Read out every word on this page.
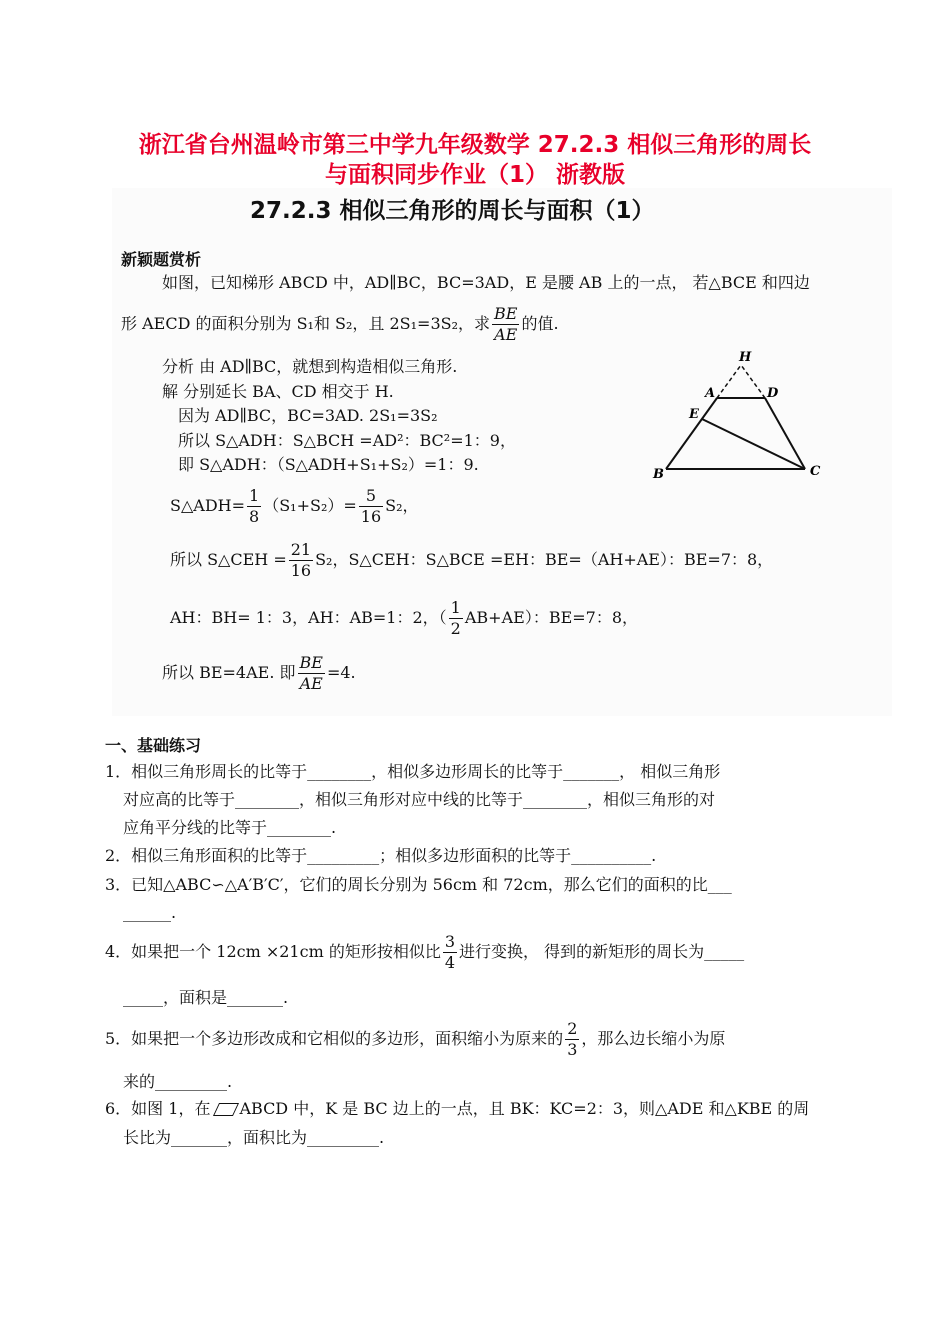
浙江省台州温岭市第三中学九年级数学 27.2.3 相似三角形的周长
与面积同步作业（1） 浙教版
27.2.3 相似三角形的周长与面积（1）
新颖题赏析
如图，已知梯形 ABCD 中，AD∥BC，BC=3AD，E 是腰 AB 上的一点， 若△BCE 和四边
形 AECD 的面积分别为 S₁和 S₂，且 2S₁=3S₂，求 $\frac{BE}{AE}$ 的值.
分析 由 AD∥BC，就想到构造相似三角形.
解 分别延长 BA、CD 相交于 H.
因为 AD∥BC，BC=3AD. 2S₁=3S₂
所以 S△ADH：S△BCH =AD²：BC²=1：9，
即 S△ADH：（S△ADH+S₁+S₂）=1：9.
S△ADH= $\frac{1}{8} (S_1+S_2)= \frac{5}{16} S_2$，
所以 S△CEH = $\frac{21}{16} S_2$，S△CEH：S△BCE =EH：BE=（AH+AE）：BE=7：8，
AH：BH= 1：3，AH：AB=1：2，（ $\frac{1}{2} AB+AE$）：BE=7：8，
所以 BE=4AE. 即 $\frac{BE}{AE} =4$.
H
A	D
E
B	C
一、基础练习
1．相似三角形周长的比等于________，相似多边形周长的比等于_______， 相似三角形
对应高的比等于________，相似三角形对应中线的比等于________，相似三角形的对
应角平分线的比等于________.
2．相似三角形面积的比等于_________；相似多边形面积的比等于__________.
3．已知△ABC∽△A′B′C′，它们的周长分别为 56cm 和 72cm，那么它们的面积的比___
______.
4．如果把一个 12cm ×21cm 的矩形按相似比 $\frac{3}{4}$ 进行变换， 得到的新矩形的周长为_____
_____，面积是_______.
5．如果把一个多边形改成和它相似的多边形，面积缩小为原来的 $\frac{2}{3}$ ，那么边长缩小为原
来的_________.
6．如图 1，在 ABCD 中，K 是 BC 边上的一点，且 BK：KC=2：3，则△ADE 和△KBE 的周
长比为_______，面积比为_________.
